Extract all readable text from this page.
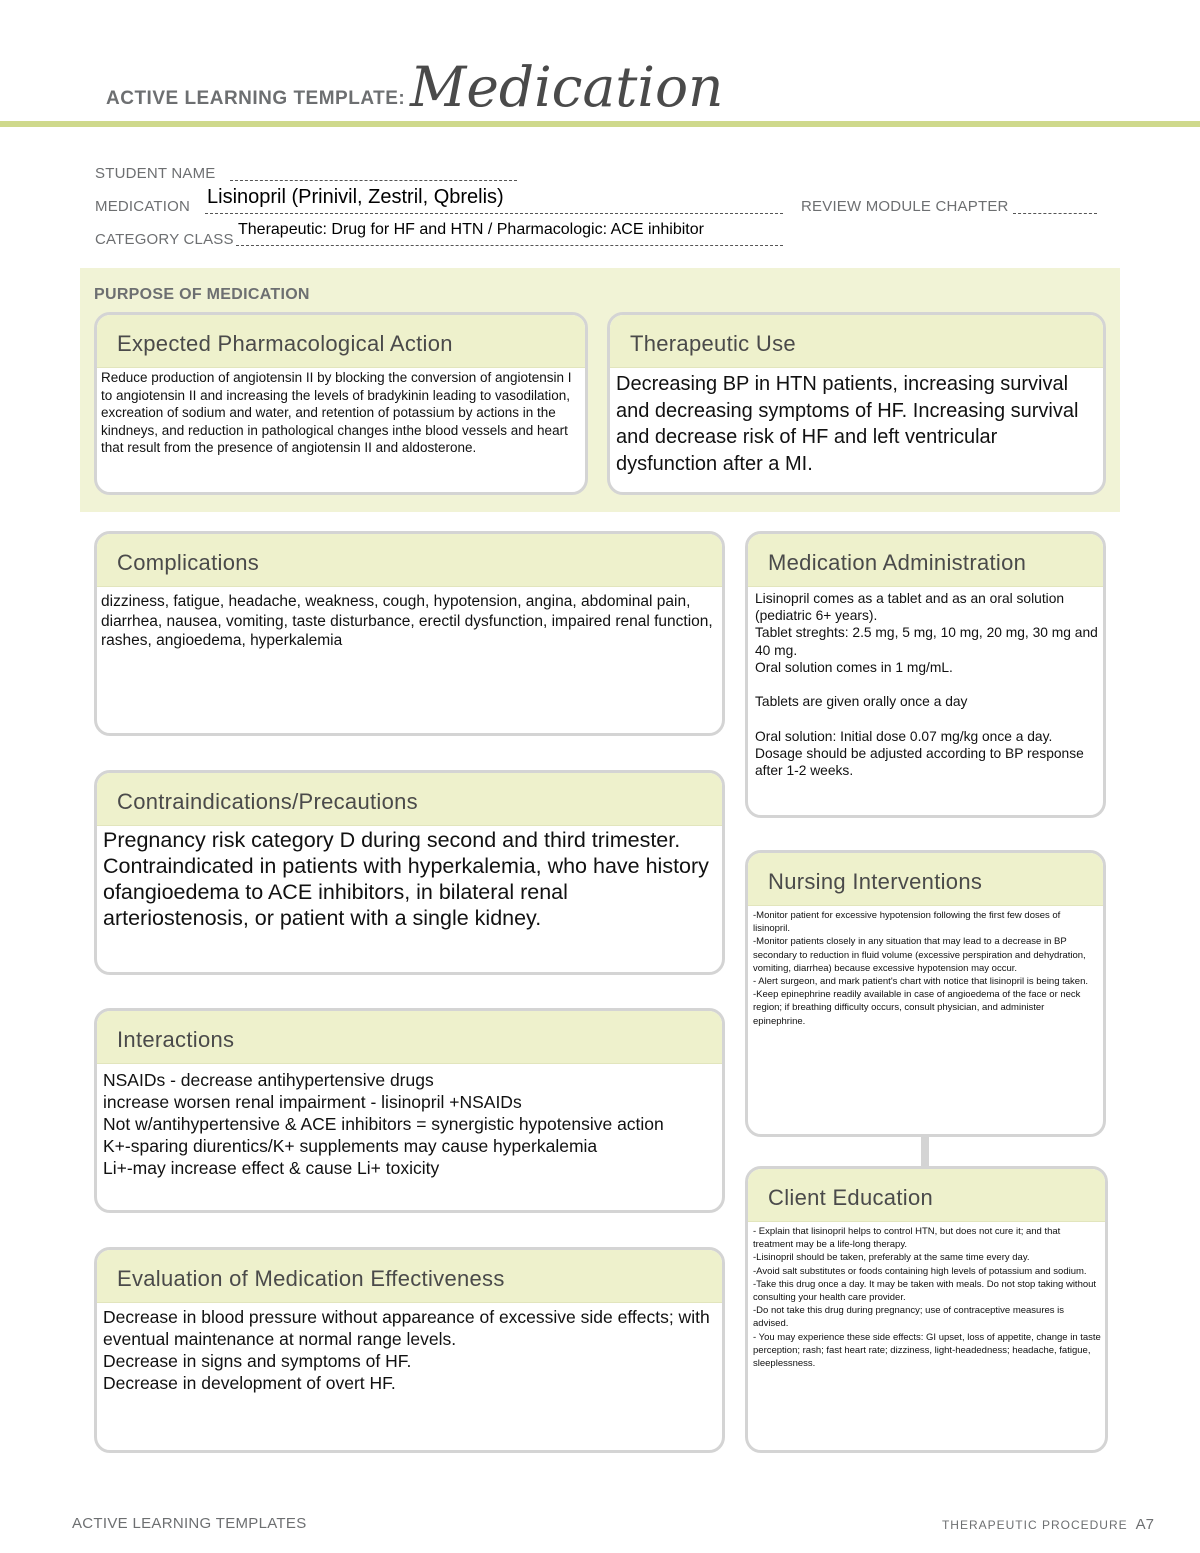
ACTIVE LEARNING TEMPLATE: Medication
STUDENT NAME
MEDICATION Lisinopril (Prinivil, Zestril, Qbrelis)	REVIEW MODULE CHAPTER
CATEGORY CLASS
Therapeutic: Drug for HF and HTN / Pharmacologic: ACE inhibitor
PURPOSE OF MEDICATION
Expected Pharmacological Action
Reduce production of angiotensin II by blocking the conversion of angiotensin I to angiotensin II and increasing the levels of bradykinin leading to vasodilation, excreation of sodium and water, and retention of potassium by actions in the kindneys, and reduction in pathological changes inthe blood vessels and heart that result from the presence of angiotensin II and aldosterone.
Therapeutic Use
Decreasing BP in HTN patients, increasing survival and decreasing symptoms of HF. Increasing survival and decrease risk of HF and left ventricular dysfunction after a MI.
Complications
dizziness, fatigue, headache, weakness, cough, hypotension, angina, abdominal pain, diarrhea, nausea, vomiting, taste disturbance, erectil dysfunction, impaired renal function, rashes, angioedema, hyperkalemia
Medication Administration
Lisinopril comes as a tablet and as an oral solution (pediatric 6+ years).
Tablet streghts: 2.5 mg, 5 mg, 10 mg, 20 mg, 30 mg and 40 mg.
Oral solution comes in 1 mg/mL.

Tablets are given orally once a day

Oral solution: Initial dose 0.07 mg/kg once a day. Dosage should be adjusted according to BP response after 1-2 weeks.
Contraindications/Precautions
Pregnancy risk category D during second and third trimester.
Contraindicated in patients with hyperkalemia, who have history ofangioedema to ACE inhibitors, in bilateral renal arteriostenosis, or patient with a single kidney.
Nursing Interventions
-Monitor patient for excessive hypotension following the first few doses of lisinopril.
-Monitor patients closely in any situation that may lead to a decrease in BP secondary to reduction in fluid volume (excessive perspiration and dehydration, vomiting, diarrhea) because excessive hypotension may occur.
- Alert surgeon, and mark patient's chart with notice that lisinopril is being taken.
-Keep epinephrine readily available in case of angioedema of the face or neck region; if breathing difficulty occurs, consult physician, and administer epinephrine.
Interactions
NSAIDs - decrease antihypertensive drugs
increase worsen renal impairment - lisinopril +NSAIDs
Not w/antihypertensive & ACE inhibitors = synergistic hypotensive action
K+-sparing diurentics/K+ supplements may cause hyperkalemia
Li+-may increase effect & cause Li+ toxicity
Client Education
- Explain that lisinopril helps to control HTN, but does not cure it; and that treatment may be a life-long therapy.
-Lisinopril should be taken, preferably at the same time every day.
-Avoid salt substitutes or foods containing high levels of potassium and sodium.
-Take this drug once a day. It may be taken with meals. Do not stop taking without consulting your health care provider.
-Do not take this drug during pregnancy; use of contraceptive measures is advised.
- You may experience these side effects: GI upset, loss of appetite, change in taste perception; rash; fast heart rate; dizziness, light-headedness; headache, fatigue, sleeplessness.
Evaluation of Medication Effectiveness
Decrease in blood pressure without appareance of excessive side effects; with eventual maintenance at normal range levels.
Decrease in signs and symptoms of HF.
Decrease in development of overt HF.
ACTIVE LEARNING TEMPLATES	THERAPEUTIC PROCEDURE A7
